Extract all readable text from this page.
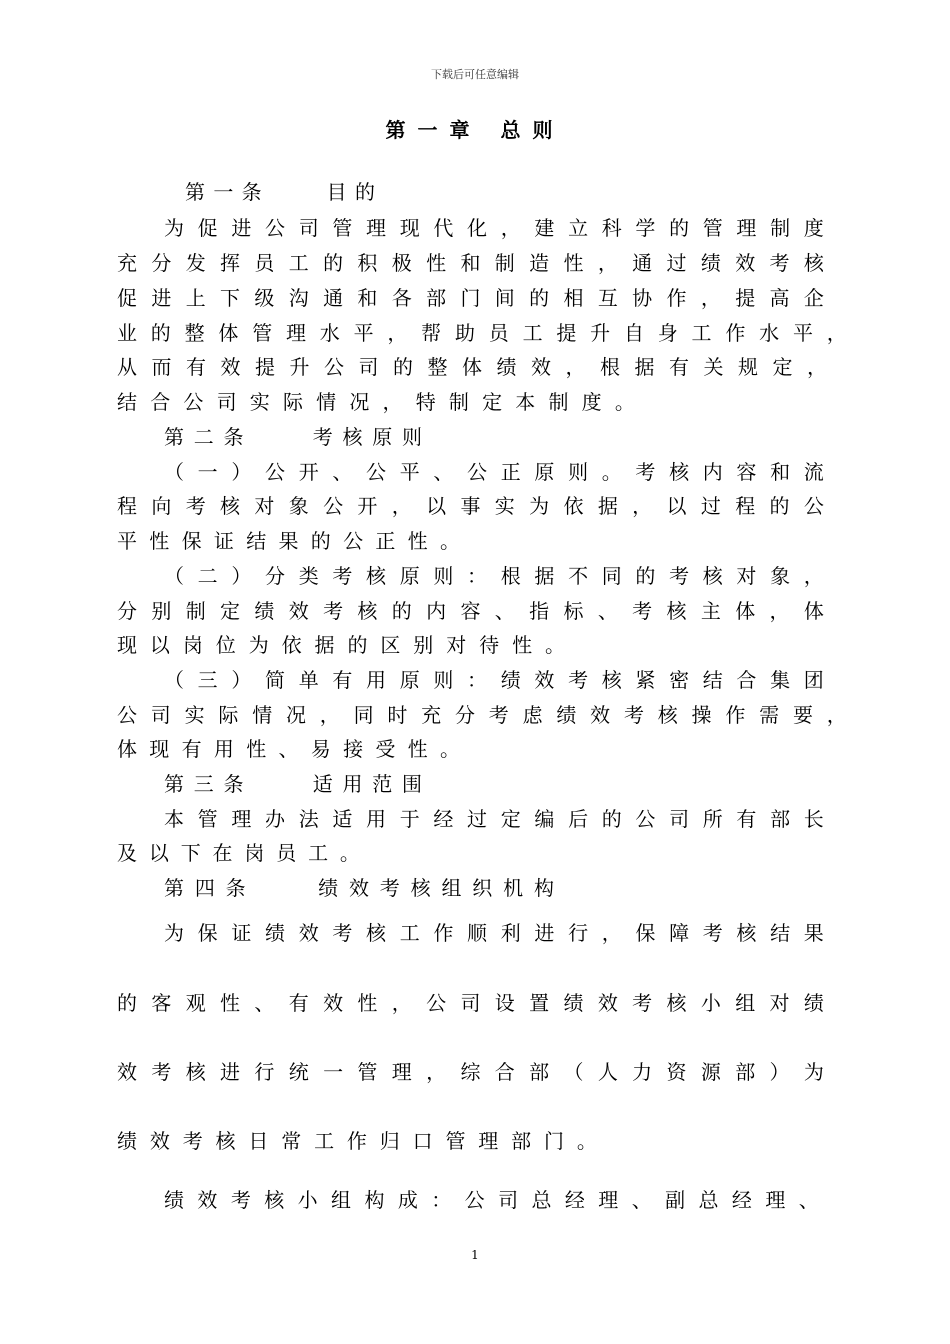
下载后可任意编辑
第一章 总则
第 一 条

　	目 的
为 促 进 公 司 管 理 现 代 化 ， 建 立 科 学 的 管 理 制 度
充 分 发 挥 员 工 的 积 极 性 和 制 造 性 ， 通 过 绩 效 考 核
促 进 上 下 级 沟 通 和 各 部 门 间 的 相 互 协 作 ， 提 高 企
业 的 整 体 管 理 水 平 ， 帮 助 员 工 提 升 自 身 工 作 水 平 ，
从 而 有 效 提 升 公 司 的 整 体 绩 效 ， 根 据 有 关 规 定 ，
结 合 公 司 实 际 情 况 ， 特 制 定 本 制 度 。
第 二 条

　	考 核 原 则
（ 一 ） 公 开 、 公 平 、 公 正 原 则 。 考 核 内 容 和 流
程 向 考 核 对 象 公 开 ， 以 事 实 为 依 据 ， 以 过 程 的 公
平 性 保 证 结 果 的 公 正 性 。
（ 二 ） 分 类 考 核 原 则 ： 根 据 不 同 的 考 核 对 象 ，
分 别 制 定 绩 效 考 核 的 内 容 、 指 标 、 考 核 主 体 ， 体
现 以 岗 位 为 依 据 的 区 别 对 待 性 。
（ 三 ） 简 单 有 用 原 则 ： 绩 效 考 核 紧 密 结 合 集 团
公 司 实 际 情 况 ， 同 时 充 分 考 虑 绩 效 考 核 操 作 需 要 ，
体 现 有 用 性 、 易 接 受 性 。
第 三 条

　	适 用 范 围
本 管 理 办 法 适 用 于 经 过 定 编 后 的 公 司 所 有 部 长
及 以 下 在 岗 员 工 。
第 四 条

　	绩 效 考 核 组 织 机 构
为 保 证 绩 效 考 核 工 作 顺 利 进 行 ， 保 障 考 核 结 果
的 客 观 性 、 有 效 性 ， 公 司 设 置 绩 效 考 核 小 组 对 绩
效 考 核 进 行 统 一 管 理 ， 综 合 部 （ 人 力 资 源 部 ） 为
绩 效 考 核 日 常 工 作 归 口 管 理 部 门 。
绩 效 考 核 小 组 构 成 ： 公 司 总 经 理 、 副 总 经 理 、
1
